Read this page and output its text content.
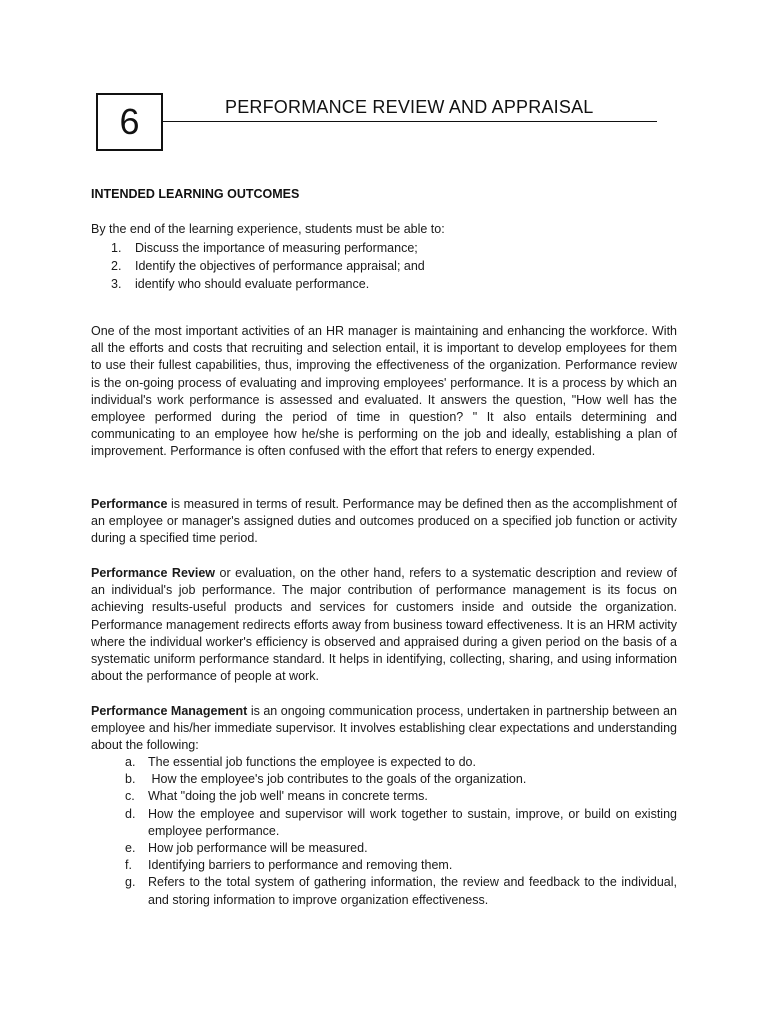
6	PERFORMANCE REVIEW AND APPRAISAL
INTENDED LEARNING OUTCOMES
By the end of the learning experience, students must be able to:
1. Discuss the importance of measuring performance;
2. Identify the objectives of performance appraisal; and
3. identify who should evaluate performance.

One of the most important activities of an HR manager is maintaining and enhancing the workforce. With all the efforts and costs that recruiting and selection entail, it is important to develop employees for them to use their fullest capabilities, thus, improving the effectiveness of the organization. Performance review is the on-going process of evaluating and improving employees' performance. It is a process by which an individual's work performance is assessed and evaluated. It answers the question, "How well has the employee performed during the period of time in question? " It also entails determining and communicating to an employee how he/she is performing on the job and ideally, establishing a plan of improvement. Performance is often confused with the effort that refers to energy expended.

Performance is measured in terms of result. Performance may be defined then as the accomplishment of an employee or manager's assigned duties and outcomes produced on a specified job function or activity during a specified time period.

Performance Review or evaluation, on the other hand, refers to a systematic description and review of an individual's job performance. The major contribution of performance management is its focus on achieving results-useful products and services for customers inside and outside the organization. Performance management redirects efforts away from business toward effectiveness. It is an HRM activity where the individual worker's efficiency is observed and appraised during a given period on the basis of a systematic uniform performance standard. It helps in identifying, collecting, sharing, and using information about the performance of people at work.

Performance Management is an ongoing communication process, undertaken in partnership between an employee and his/her immediate supervisor. It involves establishing clear expectations and understanding about the following:

a.	The essential job functions the employee is expected to do.
b.	How the employee's job contributes to the goals of the organization.
c.	What "doing the job well' means in concrete terms.
d.	How the employee and supervisor will work together to sustain, improve, or build on existing employee performance.
e.	How job performance will be measured.
f.	Identifying barriers to performance and removing them.
g.	Refers to the total system of gathering information, the review and feedback to the individual, and storing information to improve organization effectiveness.
